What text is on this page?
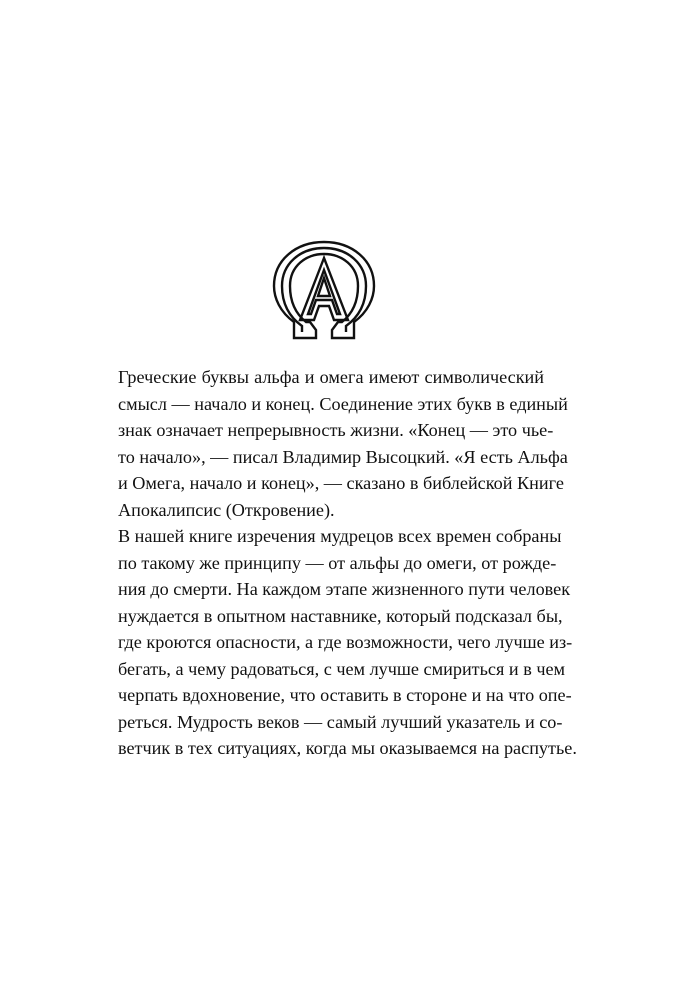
Греческие буквы альфа и омега имеют символический
смысл — начало и конец. Соединение этих букв в единый
знак означает непрерывность жизни. «Конец — это чье-
то начало», — писал Владимир Высоцкий. «Я есть Альфа
и Омега, начало и конец», — сказано в библейской Книге
Апокалипсис (Откровение).

В нашей книге изречения мудрецов всех времен собраны
по такому же принципу — от альфы до омеги, от рожде-
ния до смерти. На каждом этапе жизненного пути человек
нуждается в опытном наставнике, который подсказал бы,
где кроются опасности, а где возможности, чего лучше из-
бегать, а чему радоваться, с чем лучше смириться и в чем
черпать вдохновение, что оставить в стороне и на что опе-
реться. Мудрость веков — самый лучший указатель и со-
ветчик в тех ситуациях, когда мы оказываемся на распутье.
